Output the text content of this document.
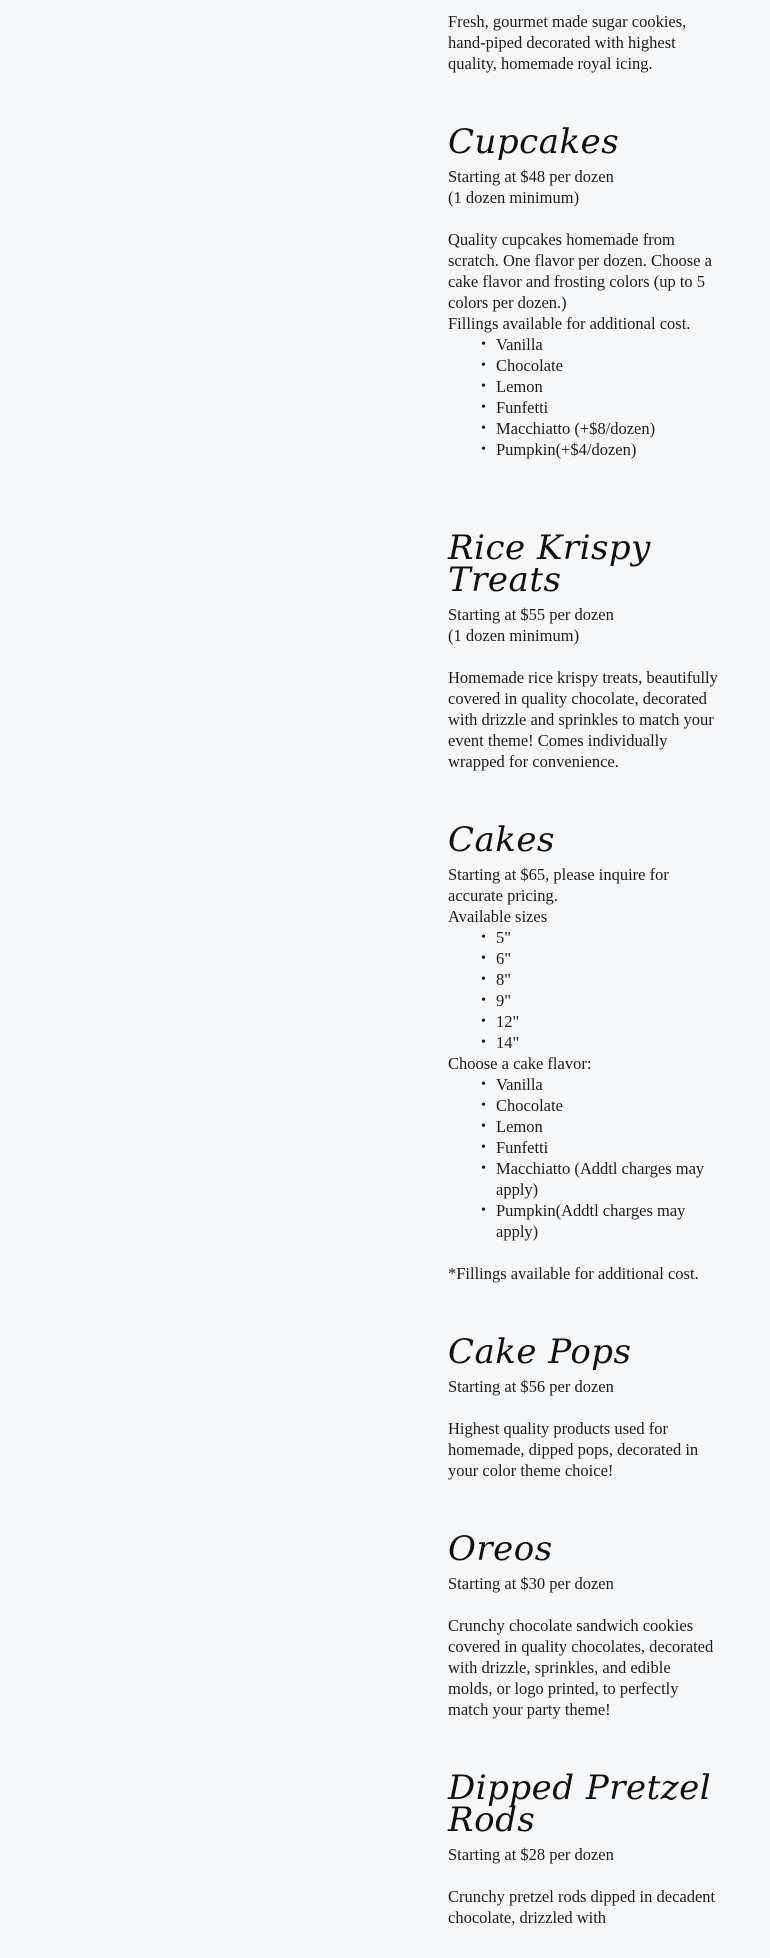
Fresh, gourmet made sugar cookies, hand-piped decorated with highest quality, homemade royal icing.

Cupcakes

Starting at $48 per dozen

(1 dozen minimum)

Quality cupcakes homemade from scratch. One flavor per dozen. Choose a cake flavor and frosting colors (up to 5 colors per dozen.)

Fillings available for additional cost.

• Vanilla
• Chocolate
• Lemon
• Funfetti
• Macchiatto (+$8/dozen)
• Pumpkin(+$4/dozen)
Rice Krispy Treats

Starting at $55 per dozen

(1 dozen minimum)

Homemade rice krispy treats, beautifully covered in quality chocolate, decorated with drizzle and sprinkles to match your event theme! Comes individually wrapped for convenience.

Cakes

Starting at $65, please inquire for accurate pricing.

Available sizes

• 5"
• 6"
• 8"
• 9"
• 12"
• 14"

Choose a cake flavor:

• Vanilla
• Chocolate
• Lemon
• Funfetti
• Macchiatto (Addtl charges may apply)
• Pumpkin(Addtl charges may apply)

*Fillings available for additional cost.

Cake Pops

Starting at $56 per dozen

Highest quality products used for homemade, dipped pops, decorated in your color theme choice!

Oreos

Starting at $30 per dozen

Crunchy chocolate sandwich cookies covered in quality chocolates, decorated with drizzle, sprinkles, and edible molds, or logo printed, to perfectly match your party theme!

Dipped Pretzel Rods

Starting at $28 per dozen

Crunchy pretzel rods dipped in decadent chocolate, drizzled with
